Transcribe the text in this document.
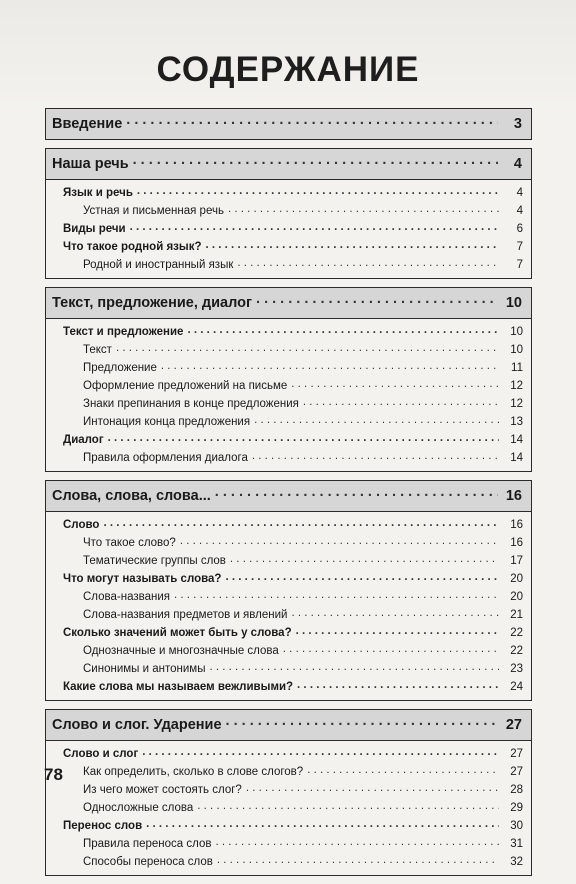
СОДЕРЖАНИЕ
Введение . . .	3
Наша речь . . .	4
Язык и речь . . .	4
Устная и письменная речь . . .	4
Виды речи . . .	6
Что такое родной язык? . . .	7
Родной и иностранный язык . . .	7
Текст, предложение, диалог . . .	10
Текст и предложение . . .	10
Текст . . .	10
Предложение . . .	11
Оформление предложений на письме . . .	12
Знаки препинания в конце предложения . . .	12
Интонация конца предложения . . .	13
Диалог . . .	14
Правила оформления диалога . . .	14
Слова, слова, слова... . . .	16
Слово . . .	16
Что такое слово? . . .	16
Тематические группы слов . . .	17
Что могут называть слова? . . .	20
Слова-названия . . .	20
Слова-названия предметов и явлений . . .	21
Сколько значений может быть у слова? . . .	22
Однозначные и многозначные слова . . .	22
Синонимы и антонимы . . .	23
Какие слова мы называем вежливыми? . . .	24
Слово и слог. Ударение . . .	27
Слово и слог . . .	27
Как определить, сколько в слове слогов? . . .	27
Из чего может состоять слог? . . .	28
Односложные слова . . .	29
Перенос слов . . .	30
Правила переноса слов . . .	31
Способы переноса слов . . .	32
78
